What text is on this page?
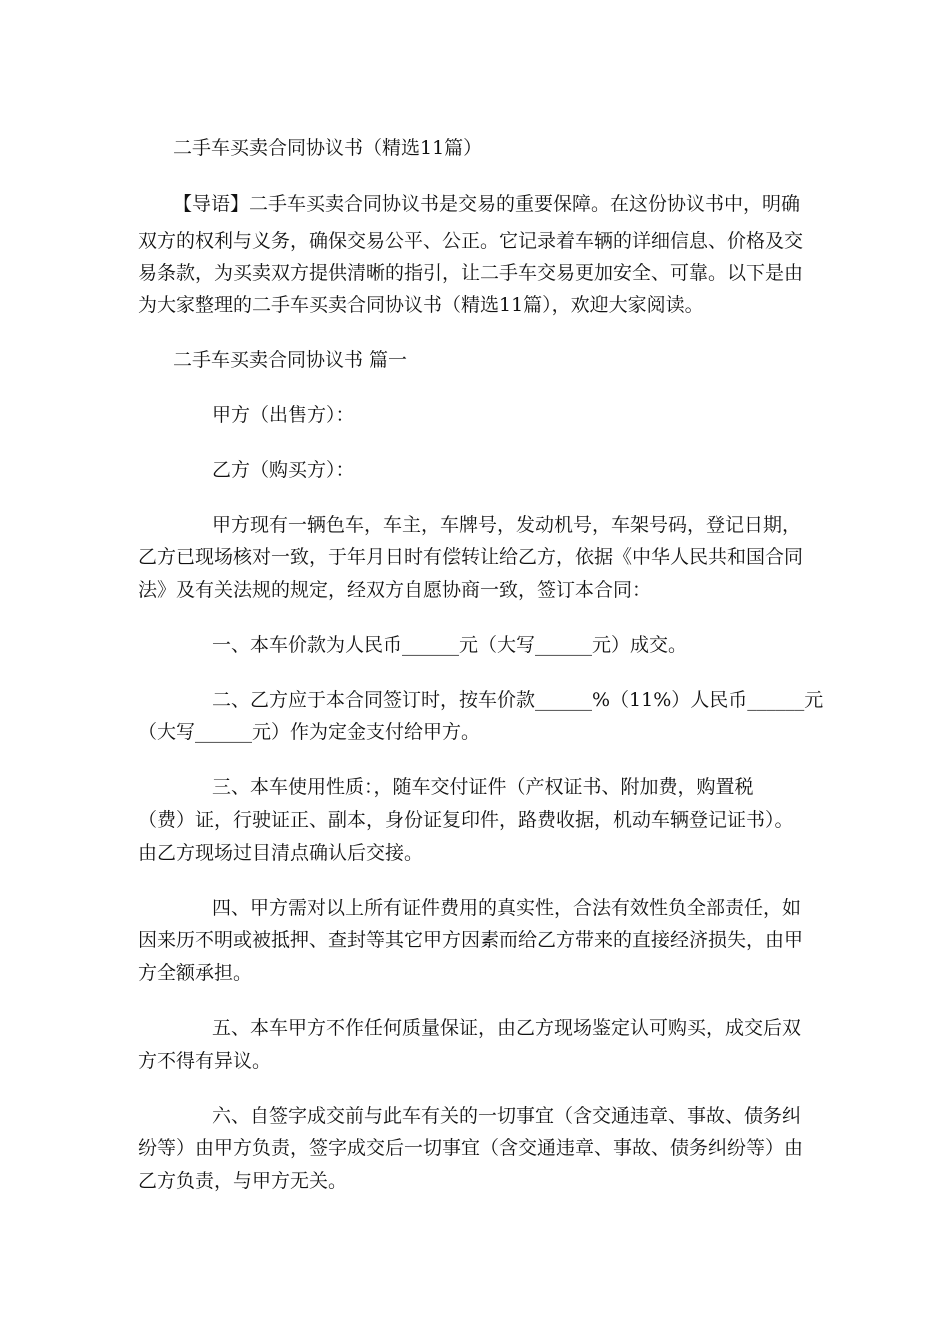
二手车买卖合同协议书（精选11篇）

【导语】二手车买卖合同协议书是交易的重要保障。在这份协议书中，明确

双方的权利与义务，确保交易公平、公正。它记录着车辆的详细信息、价格及交

易条款，为买卖双方提供清晰的指引，让二手车交易更加安全、可靠。以下是由

为大家整理的二手车买卖合同协议书（精选11篇），欢迎大家阅读。

二手车买卖合同协议书 篇一

甲方（出售方）：

乙方（购买方）：

甲方现有一辆色车，车主，车牌号，发动机号，车架号码，登记日期，

乙方已现场核对一致，于年月日时有偿转让给乙方，依据《中华人民共和国合同

法》及有关法规的规定，经双方自愿协商一致，签订本合同：

一、本车价款为人民币______元（大写______元）成交。

二、乙方应于本合同签订时，按车价款______%（11%）人民币______元

（大写______元）作为定金支付给甲方。

三、本车使用性质：，随车交付证件（产权证书、附加费，购置税

（费）证，行驶证正、副本，身份证复印件，路费收据，机动车辆登记证书）。

由乙方现场过目清点确认后交接。

四、甲方需对以上所有证件费用的真实性，合法有效性负全部责任，如

因来历不明或被抵押、查封等其它甲方因素而给乙方带来的直接经济损失，由甲

方全额承担。

五、本车甲方不作任何质量保证，由乙方现场鉴定认可购买，成交后双

方不得有异议。

六、自签字成交前与此车有关的一切事宜（含交通违章、事故、债务纠

纷等）由甲方负责，签字成交后一切事宜（含交通违章、事故、债务纠纷等）由

乙方负责，与甲方无关。
